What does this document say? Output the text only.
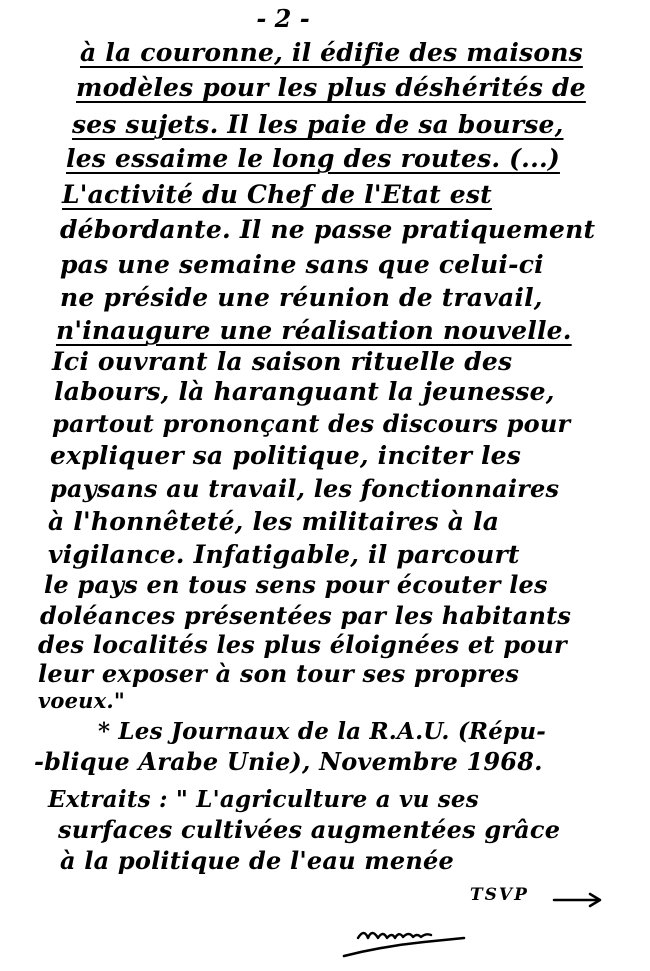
- 2 -
à la couronne, il édifie des maisons
modèles pour les plus déshérités de
ses sujets. Il les paie de sa bourse,
les essaime le long des routes. (...)
L'activité du Chef de l'Etat est
débordante. Il ne passe pratiquement
pas une semaine sans que celui-ci
ne préside une réunion de travail,
n'inaugure une réalisation nouvelle.
Ici ouvrant la saison rituelle des
labours, là haranguant la jeunesse,
partout prononçant des discours pour
expliquer sa politique, inciter les
paysans au travail, les fonctionnaires
à l'honnêteté, les militaires à la
vigilance. Infatigable, il parcourt
le pays en tous sens pour écouter les
doléances présentées par les habitants
des localités les plus éloignées et pour
leur exposer à son tour ses propres
voeux."
* Les Journaux de la R.A.U. (Répu-
-blique Arabe Unie), Novembre 1968.
Extraits : " L'agriculture a vu ses
surfaces cultivées augmentées grâce
à la politique de l'eau menée
TSVP
